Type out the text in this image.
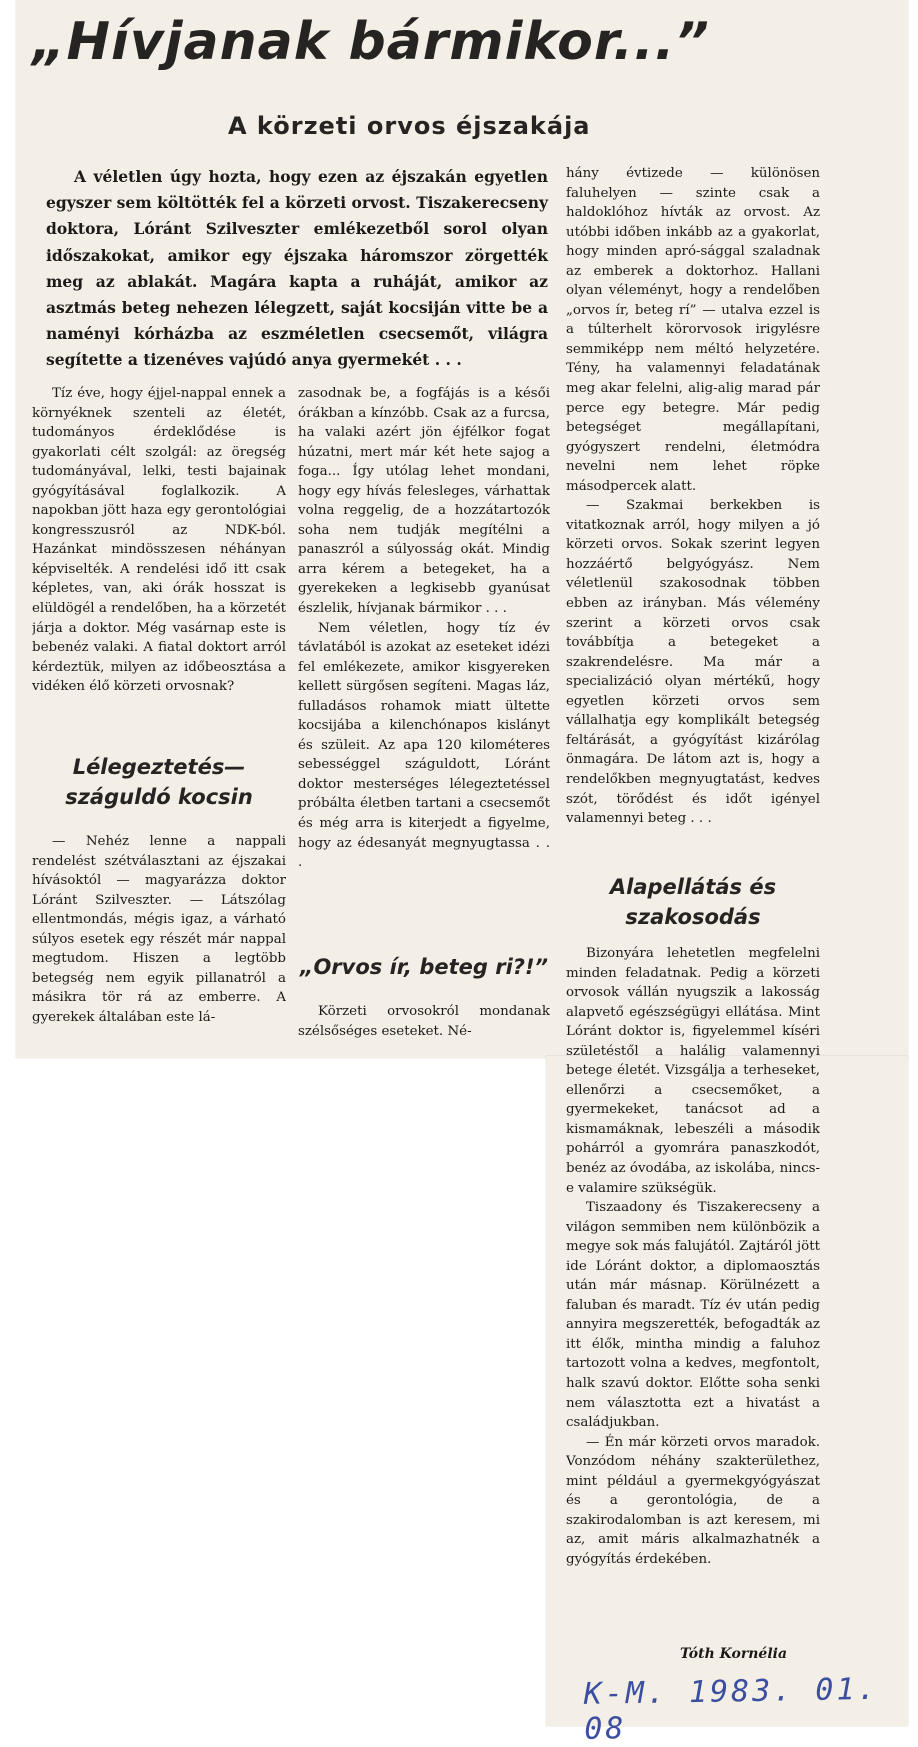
„Hívjanak bármikor...”
A körzeti orvos éjszakája
A véletlen úgy hozta, hogy ezen az éjszakán egyetlen egyszer sem költötték fel a körzeti orvost. Tiszakerecseny doktora, Lóránt Szilveszter emlékezetből sorol olyan időszakokat, amikor egy éjszaka háromszor zörgették meg az ablakát. Magára kapta a ruháját, amikor az asztmás beteg nehezen lélegzett, saját kocsiján vitte be a naményi kórházba az eszméletlen csecsemőt, világra segítette a tizenéves vajúdó anya gyermekét . . .

Tíz éve, hogy éjjel-nappal ennek a környéknek szenteli az életét, tudományos érdeklődése is gyakorlati célt szolgál: az öregség tudományával, lelki, testi bajainak gyógyításával foglalkozik. A napokban jött haza egy gerontológiai kongresszusról az NDK-ból. Hazánkat mindösszesen néhányan képviselték. A rendelési idő itt csak képletes, van, aki órák hosszat is elüldögél a rendelőben, ha a körzetét járja a doktor. Még vasárnap este is bebenéz valaki. A fiatal doktort arról kérdeztük, milyen az időbeosztása a vidéken élő körzeti orvosnak?

Lélegeztetés— száguldó kocsin

— Nehéz lenne a nappali rendelést szétválasztani az éjszakai hívásoktól — magyarázza doktor Lóránt Szilveszter. — Látszólag ellentmondás, mégis igaz, a várható súlyos esetek egy részét már nappal megtudom. Hiszen a legtöbb betegség nem egyik pillanatról a másikra tör rá az emberre. A gyerekek általában este lá-

zasodnak be, a fogfájás is a késői órákban a kínzóbb. Csak az a furcsa, ha valaki azért jön éjfélkor fogat húzatni, mert már két hete sajog a foga... Így utólag lehet mondani, hogy egy hívás felesleges, várhattak volna reggelig, de a hozzátartozók soha nem tudják megítélni a panaszról a súlyosság okát. Mindig arra kérem a betegeket, ha a gyerekeken a legkisebb gyanúsat észlelik, hívjanak bármikor . . .

Nem véletlen, hogy tíz év távlatából is azokat az eseteket idézi fel emlékezete, amikor kisgyereken kellett sürgősen segíteni. Magas láz, fulladásos rohamok miatt ültette kocsijába a kilenchónapos kislányt és szüleit. Az apa 120 kilométeres sebességgel száguldott, Lóránt doktor mesterséges lélegeztetéssel próbálta életben tartani a csecsemőt és még arra is kiterjedt a figyelme, hogy az édesanyát megnyugtassa . . .

„Orvos ír, beteg ri?!”

Körzeti orvosokról mondanak szélsőséges eseteket. Né-

hány évtizede — különösen faluhelyen — szinte csak a haldoklóhoz hívták az orvost. Az utóbbi időben inkább az a gyakorlat, hogy minden apró-sággal szaladnak az emberek a doktorhoz. Hallani olyan véleményt, hogy a rendelőben „orvos ír, beteg rí” — utalva ezzel is a túlterhelt körorvosok irigylésre semmiképp nem méltó helyzetére. Tény, ha valamennyi feladatának meg akar felelni, alig-alig marad pár perce egy betegre. Már pedig betegséget megállapítani, gyógyszert rendelni, életmódra nevelni nem lehet röpke másodpercek alatt.

— Szakmai berkekben is vitatkoznak arról, hogy milyen a jó körzeti orvos. Sokak szerint legyen hozzáértő belgyógyász. Nem véletlenül szakosodnak többen ebben az irányban. Más vélemény szerint a körzeti orvos csak továbbítja a betegeket a szakrendelésre. Ma már a specializáció olyan mértékű, hogy egyetlen körzeti orvos sem vállalhatja egy komplikált betegség feltárását, a gyógyítást kizárólag önmagára. De látom azt is, hogy a rendelőkben megnyugtatást, kedves szót, törődést és időt igényel valamennyi beteg . . .

Alapellátás és szakosodás

Bizonyára lehetetlen megfelelni minden feladatnak. Pedig a körzeti orvosok vállán nyugszik a lakosság alapvető egészségügyi ellátása. Mint Lóránt doktor is, figyelemmel kíséri születéstől a halálig valamennyi betege életét. Vizsgálja a terheseket, ellenőrzi a csecsemőket, a gyermekeket, tanácsot ad a kismamáknak, lebeszéli a második pohárról a gyomrára panaszkodót, benéz az óvodába, az iskolába, nincs-e valamire szükségük.

Tiszaadony és Tiszakerecseny a világon semmiben nem különbözik a megye sok más falujától. Zajtáról jött ide Lóránt doktor, a diplomaosztás után már másnap. Körülnézett a faluban és maradt. Tíz év után pedig annyira megszerették, befogadták az itt élők, mintha mindig a faluhoz tartozott volna a kedves, megfontolt, halk szavú doktor. Előtte soha senki nem választotta ezt a hivatást a családjukban.

— Én már körzeti orvos maradok. Vonzódom néhány szakterülethez, mint például a gyermekgyógyászat és a gerontológia, de a szakirodalomban is azt keresem, mi az, amit máris alkalmazhatnék a gyógyítás érdekében.

Tóth Kornélia
K-M. 1983. 01. 08
